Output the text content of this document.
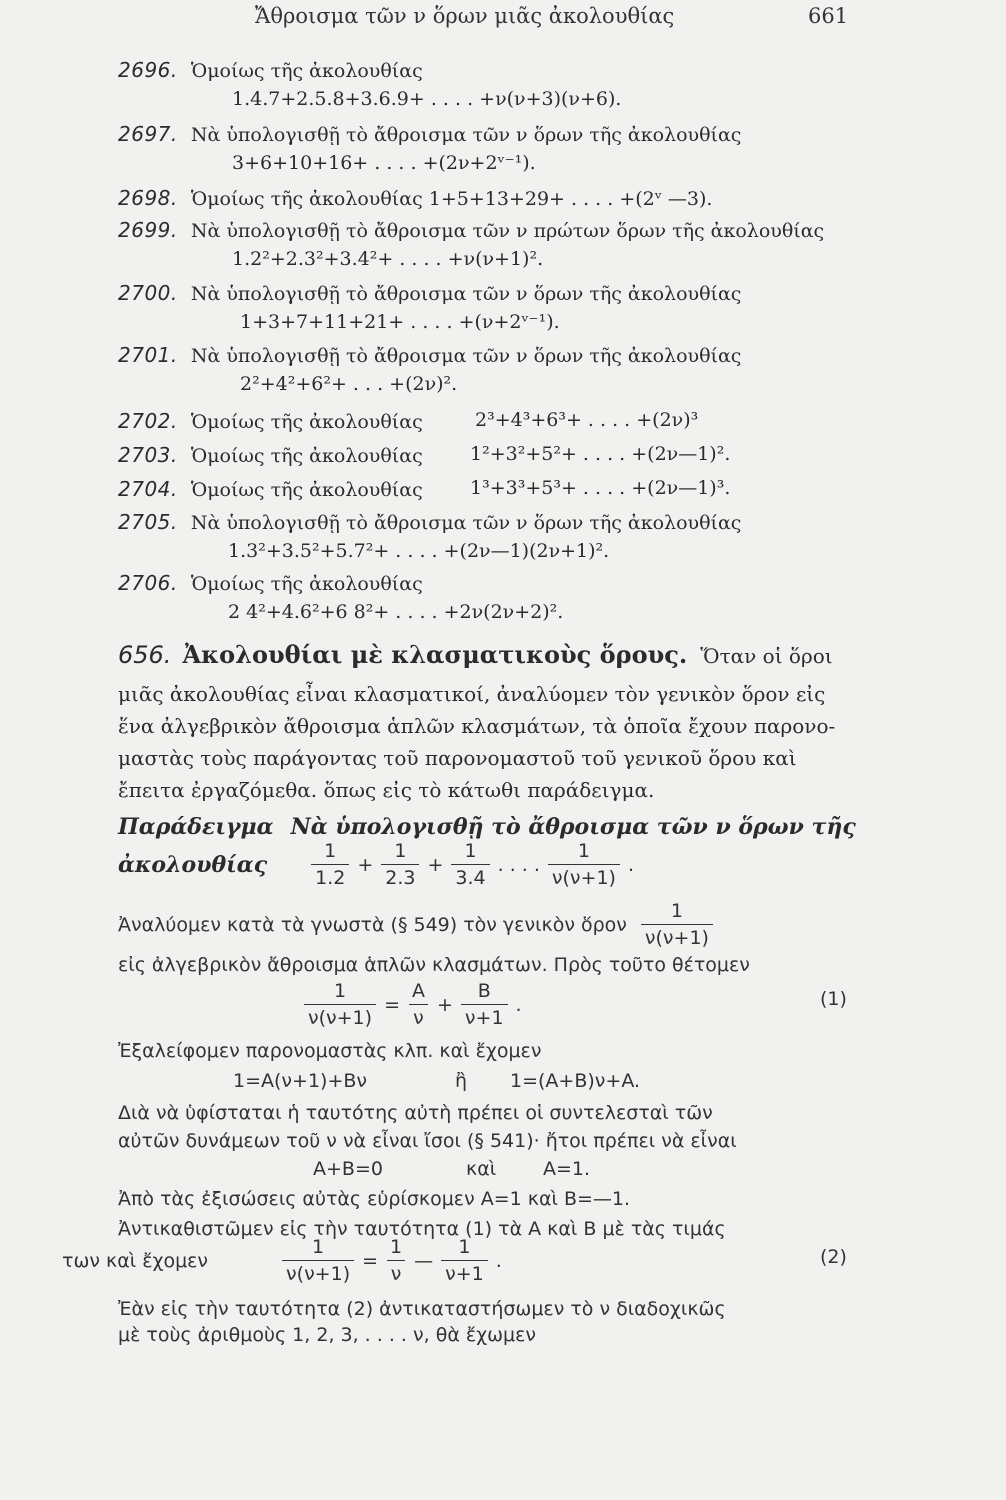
Ἄθροισμα τῶν ν ὅρων μιᾶς ἀκολουθίας	661
2696. Ὁμοίως τῆς ἀκολουθίας
1.4.7+2.5.8+3.6.9+ . . . . +ν(ν+3)(ν+6).
2697. Νὰ ὑπολογισθῇ τὸ ἄθροισμα τῶν ν ὅρων τῆς ἀκολουθίας
3+6+10+16+ . . . . +(2ν+2ᵛ⁻¹).
2698. Ὁμοίως τῆς ἀκολουθίας 1+5+13+29+ . . . . +(2ᵛ —3).
2699. Νὰ ὑπολογισθῇ τὸ ἄθροισμα τῶν ν πρώτων ὅρων τῆς ἀκολουθίας
1.2²+2.3²+3.4²+ . . . . +ν(ν+1)².
2700. Νὰ ὑπολογισθῇ τὸ ἄθροισμα τῶν ν ὅρων τῆς ἀκολουθίας
1+3+7+11+21+ . . . . +(ν+2ᵛ⁻¹).
2701. Νὰ ὑπολογισθῇ τὸ ἄθροισμα τῶν ν ὅρων τῆς ἀκολουθίας
2²+4²+6²+ . . . +(2ν)².
2702. Ὁμοίως τῆς ἀκολουθίας	2³+4³+6³+ . . . . +(2ν)³
2703. Ὁμοίως τῆς ἀκολουθίας 1²+3²+5²+ . . . . +(2ν—1)².
2704. Ὁμοίως τῆς ἀκολουθίας 1³+3³+5³+ . . . . +(2ν—1)³.
2705. Νὰ ὑπολογισθῇ τὸ ἄθροισμα τῶν ν ὅρων τῆς ἀκολουθίας
1.3²+3.5²+5.7²+ . . . . +(2ν—1)(2ν+1)².
2706. Ὁμοίως τῆς ἀκολουθίας
2 4²+4.6²+6 8²+ . . . . +2ν(2ν+2)².
656. Ἀκολουθίαι μὲ κλασματικοὺς ὅρους. Ὅταν οἱ ὅροι
μιᾶς ἀκολουθίας εἶναι κλασματικοί, ἀναλύομεν τὸν γενικὸν ὅρον εἰς
ἕνα ἀλγεβρικὸν ἄθροισμα ἁπλῶν κλασμάτων, τὰ ὁποῖα ἔχουν παρονο-
μαστὰς τοὺς παράγοντας τοῦ παρονομαστοῦ τοῦ γενικοῦ ὅρου καὶ
ἔπειτα ἐργαζόμεθα. ὅπως εἰς τὸ κάτωθι παράδειγμα.
Παράδειγμα Νὰ ὑπολογισθῇ τὸ ἄθροισμα τῶν ν ὅρων τῆς
ἀκολουθίας $\frac{1}{1.2} + \frac{1}{2.3} + \frac{1}{3.4}$ . . . . $\frac{1}{\nu(\nu+1)}$ .
Ἀναλύομεν κατὰ τὰ γνωστὰ (§ 549) τὸν γενικὸν ὅρον $\frac{1}{\nu(\nu+1)}$
εἰς ἀλγεβρικὸν ἄθροισμα ἁπλῶν κλασμάτων. Πρὸς τοῦτο θέτομεν
$\frac{1}{\nu(\nu+1)} = \frac{A}{\nu} + \frac{B}{\nu+1}$ .	(1)
Ἐξαλείφομεν παρονομαστὰς κλπ. καὶ ἔχομεν
1=A(ν+1)+Bν	ἢ 1=(A+B)ν+A.
Διὰ νὰ ὑφίσταται ἡ ταυτότης αὐτὴ πρέπει οἱ συντελεσταὶ τῶν
αὐτῶν δυνάμεων τοῦ ν νὰ εἶναι ἴσοι (§ 541)· ἤτοι πρέπει νὰ εἶναι
A+B=0	καὶ A=1.
Ἀπὸ τὰς ἐξισώσεις αὐτὰς εὑρίσκομεν A=1 καὶ B=—1.
Ἀντικαθιστῶμεν εἰς τὴν ταυτότητα (1) τὰ A καὶ B μὲ τὰς τιμάς
των καὶ ἔχομεν	$\frac{1}{\nu(\nu+1)} = \frac{1}{\nu}$ — $\frac{1}{\nu+1}$ .	(2)
Ἐὰν εἰς τὴν ταυτότητα (2) ἀντικαταστήσωμεν τὸ ν διαδοχικῶς
μὲ τοὺς ἀριθμοὺς 1, 2, 3, . . . . ν, θὰ ἔχωμεν
